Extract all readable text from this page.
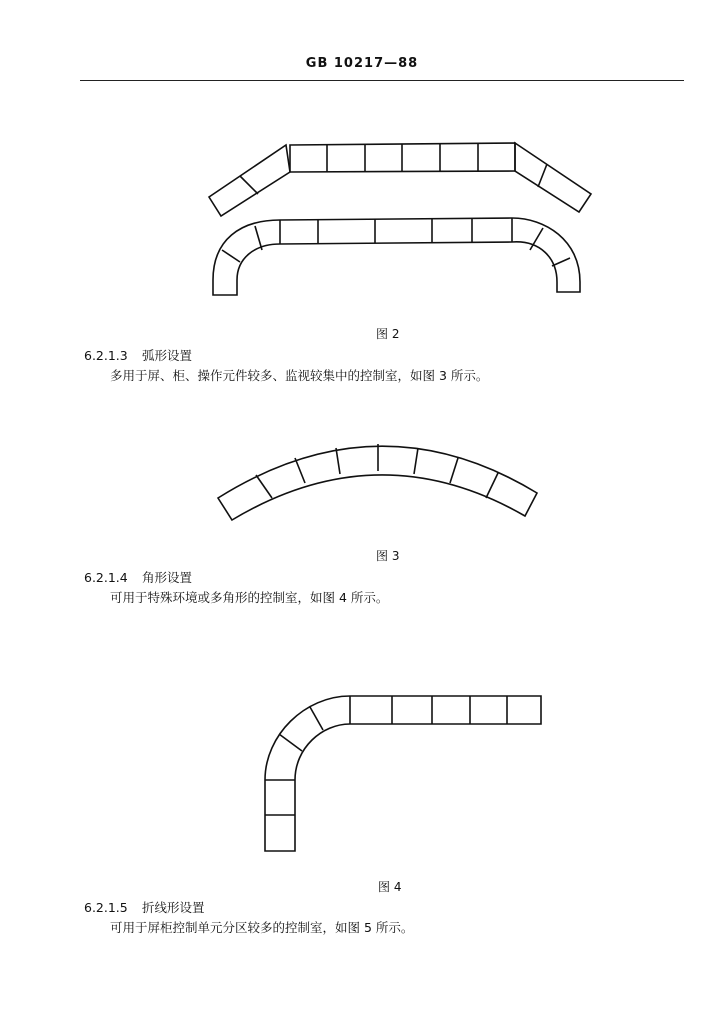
GB 10217—88
图 2
6.2.1.3 弧形设置
多用于屏、柜、操作元件较多、监视较集中的控制室，如图 3 所示。
图 3
6.2.1.4 角形设置
可用于特殊环境或多角形的控制室，如图 4 所示。
图 4
6.2.1.5 折线形设置
可用于屏柜控制单元分区较多的控制室，如图 5 所示。
